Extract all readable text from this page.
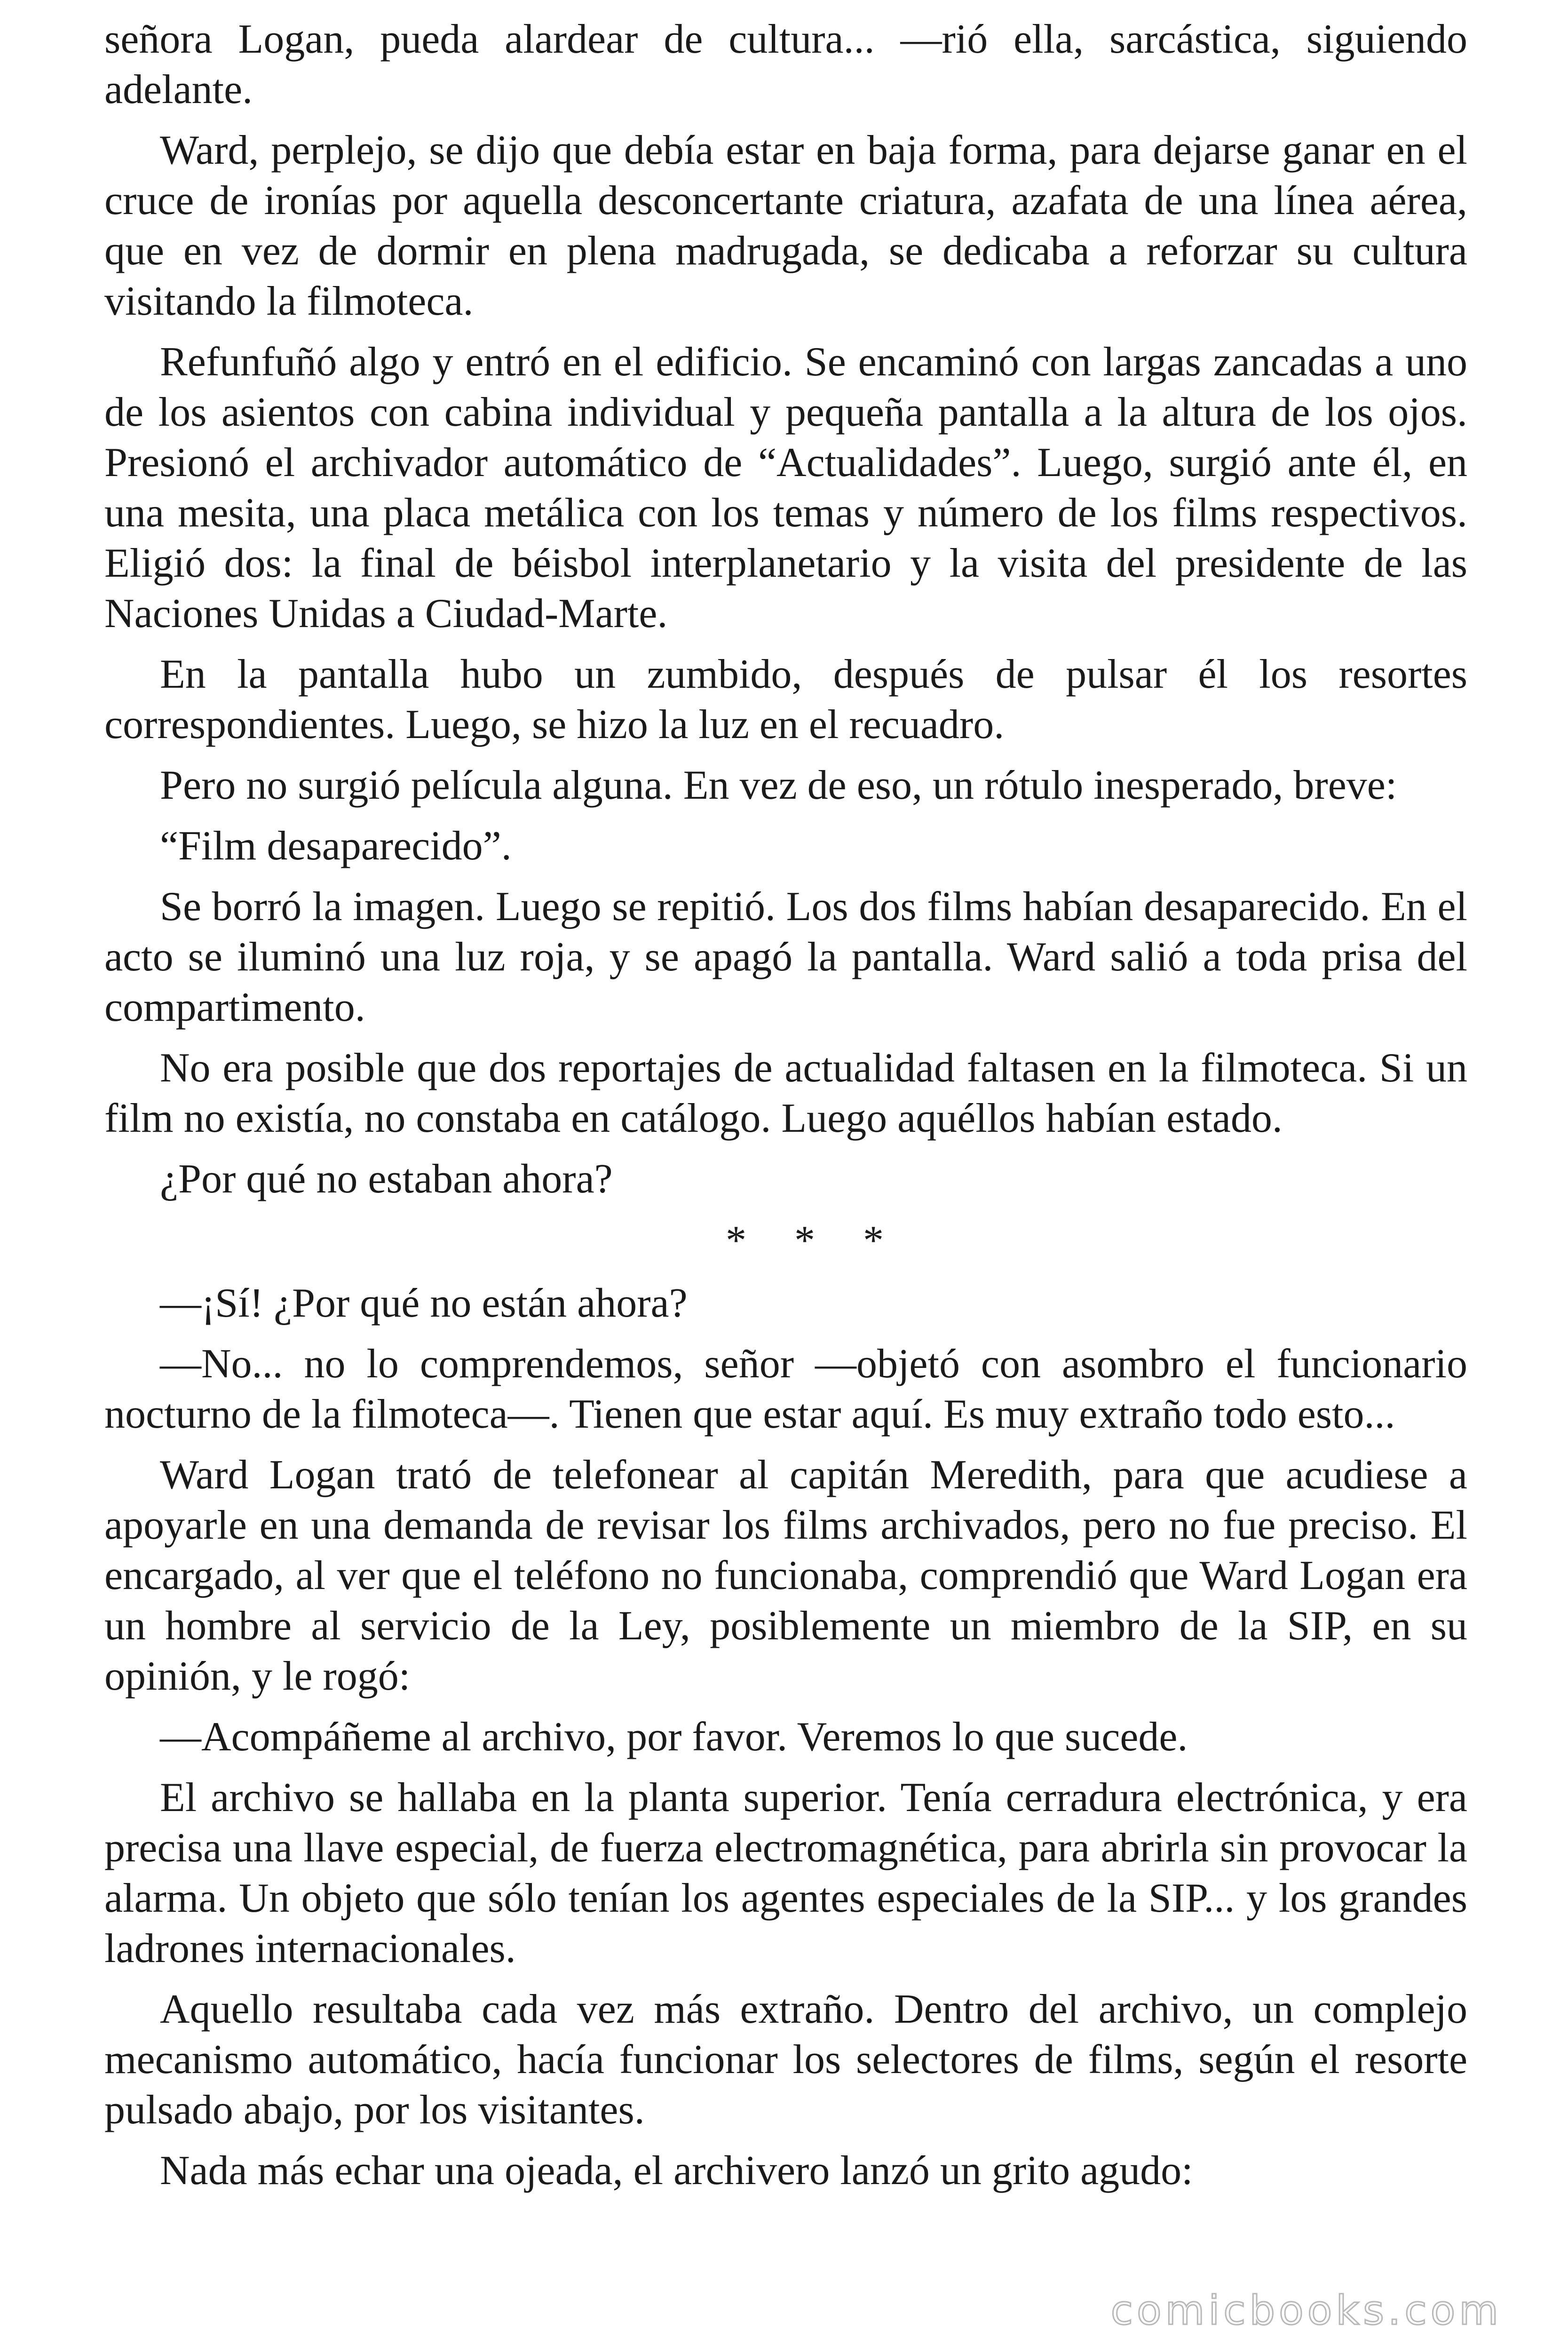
señora Logan, pueda alardear de cultura... —rió ella, sarcástica, siguiendo adelante.

Ward, perplejo, se dijo que debía estar en baja forma, para dejarse ganar en el cruce de ironías por aquella desconcertante criatura, azafata de una línea aérea, que en vez de dormir en plena madrugada, se dedicaba a reforzar su cultura visitando la filmoteca.

Refunfuñó algo y entró en el edificio. Se encaminó con largas zancadas a uno de los asientos con cabina individual y pequeña pantalla a la altura de los ojos. Presionó el archivador automático de “Actualidades”. Luego, surgió ante él, en una mesita, una placa metálica con los temas y número de los films respectivos. Eligió dos: la final de béisbol interplanetario y la visita del presidente de las Naciones Unidas a Ciudad-Marte.

En la pantalla hubo un zumbido, después de pulsar él los resortes correspondientes. Luego, se hizo la luz en el recuadro.

Pero no surgió película alguna. En vez de eso, un rótulo inesperado, breve:

“Film desaparecido”.

Se borró la imagen. Luego se repitió. Los dos films habían desaparecido. En el acto se iluminó una luz roja, y se apagó la pantalla. Ward salió a toda prisa del compartimento.

No era posible que dos reportajes de actualidad faltasen en la filmoteca. Si un film no existía, no constaba en catálogo. Luego aquéllos habían estado.

¿Por qué no estaban ahora?

* * *

—¡Sí! ¿Por qué no están ahora?

—No... no lo comprendemos, señor —objetó con asombro el funcionario nocturno de la filmoteca—. Tienen que estar aquí. Es muy extraño todo esto...

Ward Logan trató de telefonear al capitán Meredith, para que acudiese a apoyarle en una demanda de revisar los films archivados, pero no fue preciso. El encargado, al ver que el teléfono no funcionaba, comprendió que Ward Logan era un hombre al servicio de la Ley, posiblemente un miembro de la SIP, en su opinión, y le rogó:

—Acompáñeme al archivo, por favor. Veremos lo que sucede.

El archivo se hallaba en la planta superior. Tenía cerradura electrónica, y era precisa una llave especial, de fuerza electromagnética, para abrirla sin provocar la alarma. Un objeto que sólo tenían los agentes especiales de la SIP... y los grandes ladrones internacionales.

Aquello resultaba cada vez más extraño. Dentro del archivo, un complejo mecanismo automático, hacía funcionar los selectores de films, según el resorte pulsado abajo, por los visitantes.

Nada más echar una ojeada, el archivero lanzó un grito agudo:

comicbooks.com
